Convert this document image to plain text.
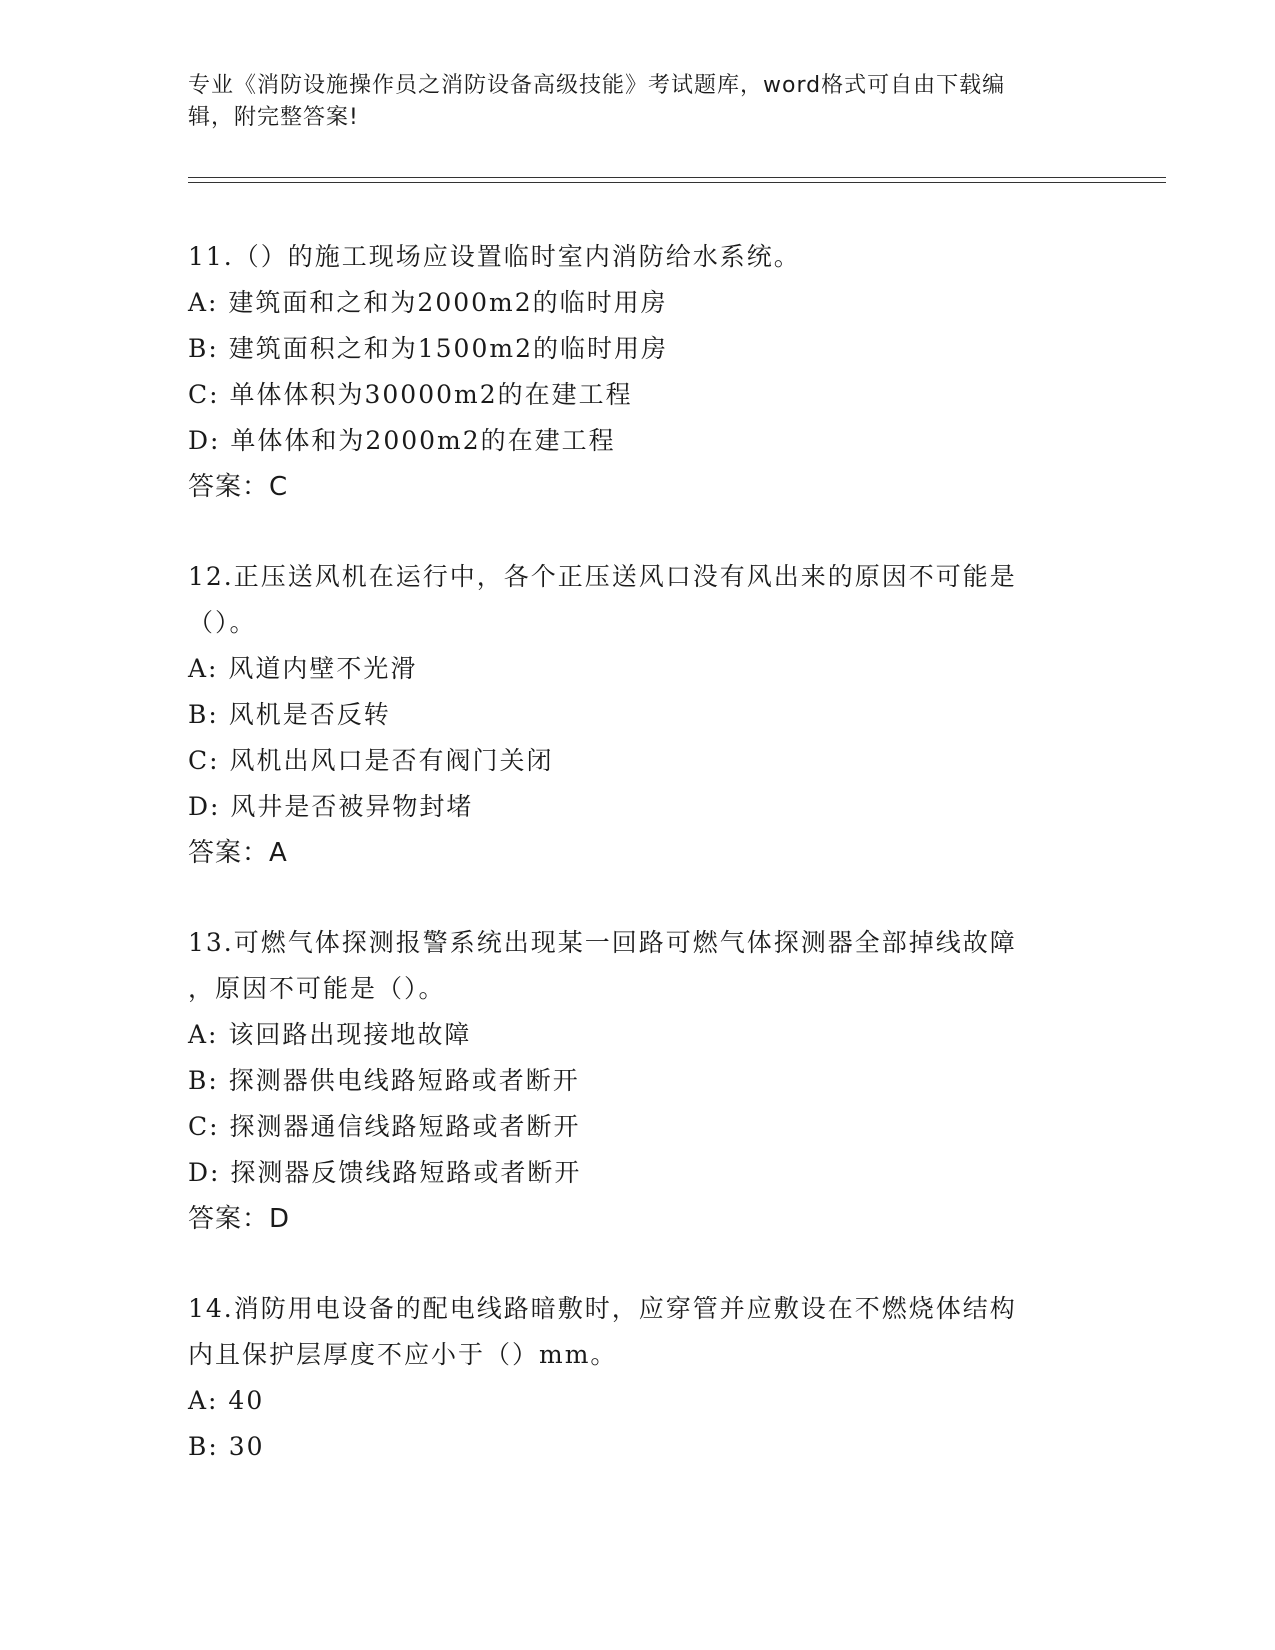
专业《消防设施操作员之消防设备高级技能》考试题库，word格式可自由下载编

辑，附完整答案!

11.（）的施工现场应设置临时室内消防给水系统。
A: 建筑面和之和为2000m2的临时用房
B: 建筑面积之和为1500m2的临时用房
C: 单体体积为30000m2的在建工程
D: 单体体和为2000m2的在建工程
答案：C
12.正压送风机在运行中，各个正压送风口没有风出来的原因不可能是
（）。
A: 风道内壁不光滑
B: 风机是否反转
C: 风机出风口是否有阀门关闭
D: 风井是否被异物封堵
答案：A
13.可燃气体探测报警系统出现某一回路可燃气体探测器全部掉线故障
，原因不可能是（）。
A: 该回路出现接地故障
B: 探测器供电线路短路或者断开
C: 探测器通信线路短路或者断开
D: 探测器反馈线路短路或者断开
答案：D
14.消防用电设备的配电线路暗敷时，应穿管并应敷设在不燃烧体结构
内且保护层厚度不应小于（）mm。
A: 40
B: 30
